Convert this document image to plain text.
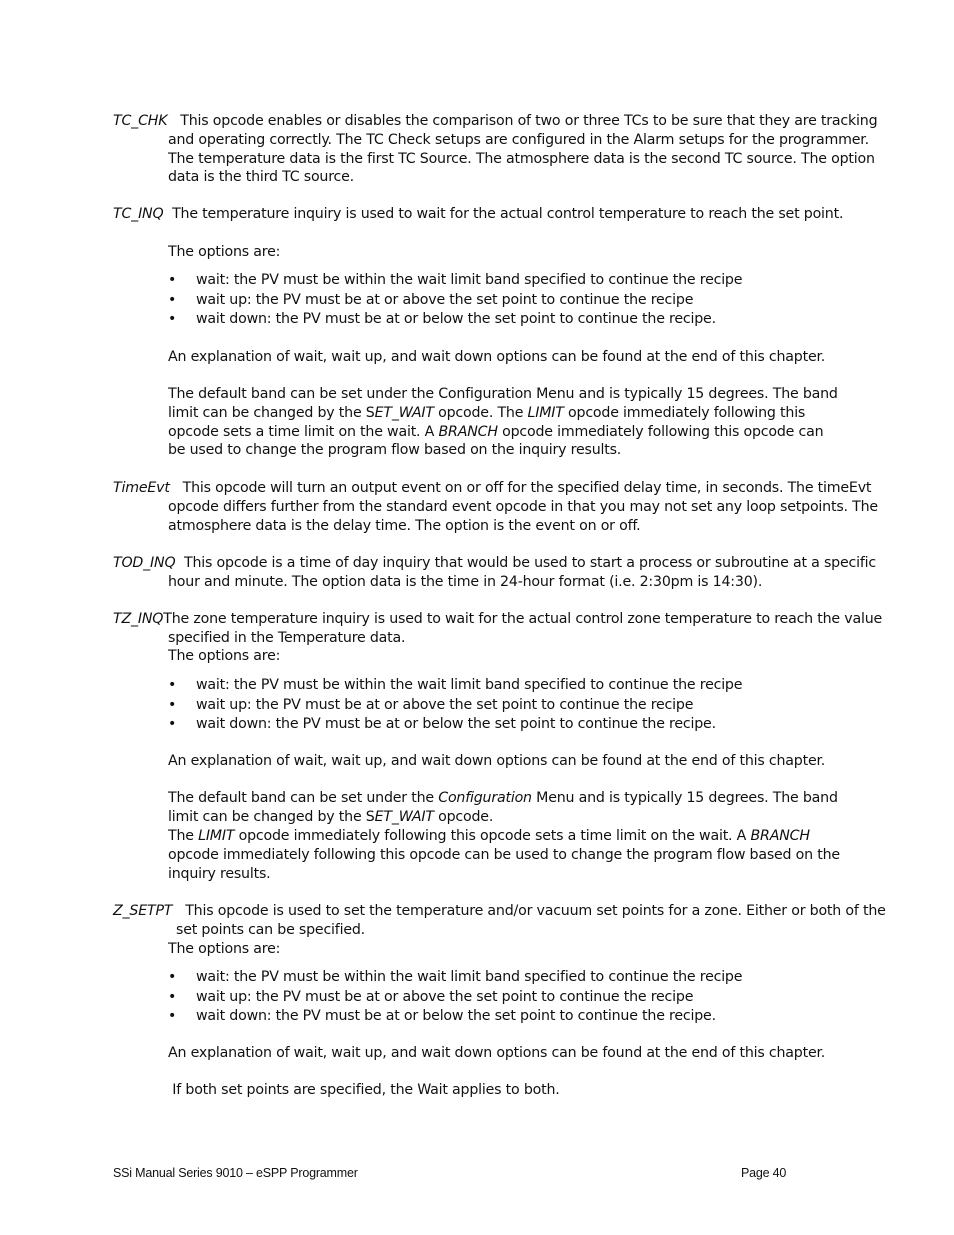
TC_CHK This opcode enables or disables the comparison of two or three TCs to be sure that they are tracking and operating correctly. The TC Check setups are configured in the Alarm setups for the programmer. The temperature data is the first TC Source. The atmosphere data is the second TC source. The option data is the third TC source.

TC_INQ The temperature inquiry is used to wait for the actual control temperature to reach the set point.

The options are:

• wait: the PV must be within the wait limit band specified to continue the recipe
• wait up: the PV must be at or above the set point to continue the recipe
• wait down: the PV must be at or below the set point to continue the recipe.

An explanation of wait, wait up, and wait down options can be found at the end of this chapter.

The default band can be set under the Configuration Menu and is typically 15 degrees. The band limit can be changed by the SET_WAIT opcode. The LIMIT opcode immediately following this opcode sets a time limit on the wait. A BRANCH opcode immediately following this opcode can be used to change the program flow based on the inquiry results.

TimeEvt This opcode will turn an output event on or off for the specified delay time, in seconds. The timeEvt opcode differs further from the standard event opcode in that you may not set any loop setpoints. The atmosphere data is the delay time. The option is the event on or off.

TOD_INQ This opcode is a time of day inquiry that would be used to start a process or subroutine at a specific hour and minute. The option data is the time in 24-hour format (i.e. 2:30pm is 14:30).

TZ_INQThe zone temperature inquiry is used to wait for the actual control zone temperature to reach the value specified in the Temperature data.

The options are:

• wait: the PV must be within the wait limit band specified to continue the recipe
• wait up: the PV must be at or above the set point to continue the recipe
• wait down: the PV must be at or below the set point to continue the recipe.

An explanation of wait, wait up, and wait down options can be found at the end of this chapter.

The default band can be set under the Configuration Menu and is typically 15 degrees. The band limit can be changed by the SET_WAIT opcode.

The LIMIT opcode immediately following this opcode sets a time limit on the wait. A BRANCH opcode immediately following this opcode can be used to change the program flow based on the inquiry results.

Z_SETPT This opcode is used to set the temperature and/or vacuum set points for a zone. Either or both of the set points can be specified.

The options are:

• wait: the PV must be within the wait limit band specified to continue the recipe
• wait up: the PV must be at or above the set point to continue the recipe
• wait down: the PV must be at or below the set point to continue the recipe.

An explanation of wait, wait up, and wait down options can be found at the end of this chapter.

If both set points are specified, the Wait applies to both.

SSi Manual Series 9010 – eSPP Programmer	Page 40
